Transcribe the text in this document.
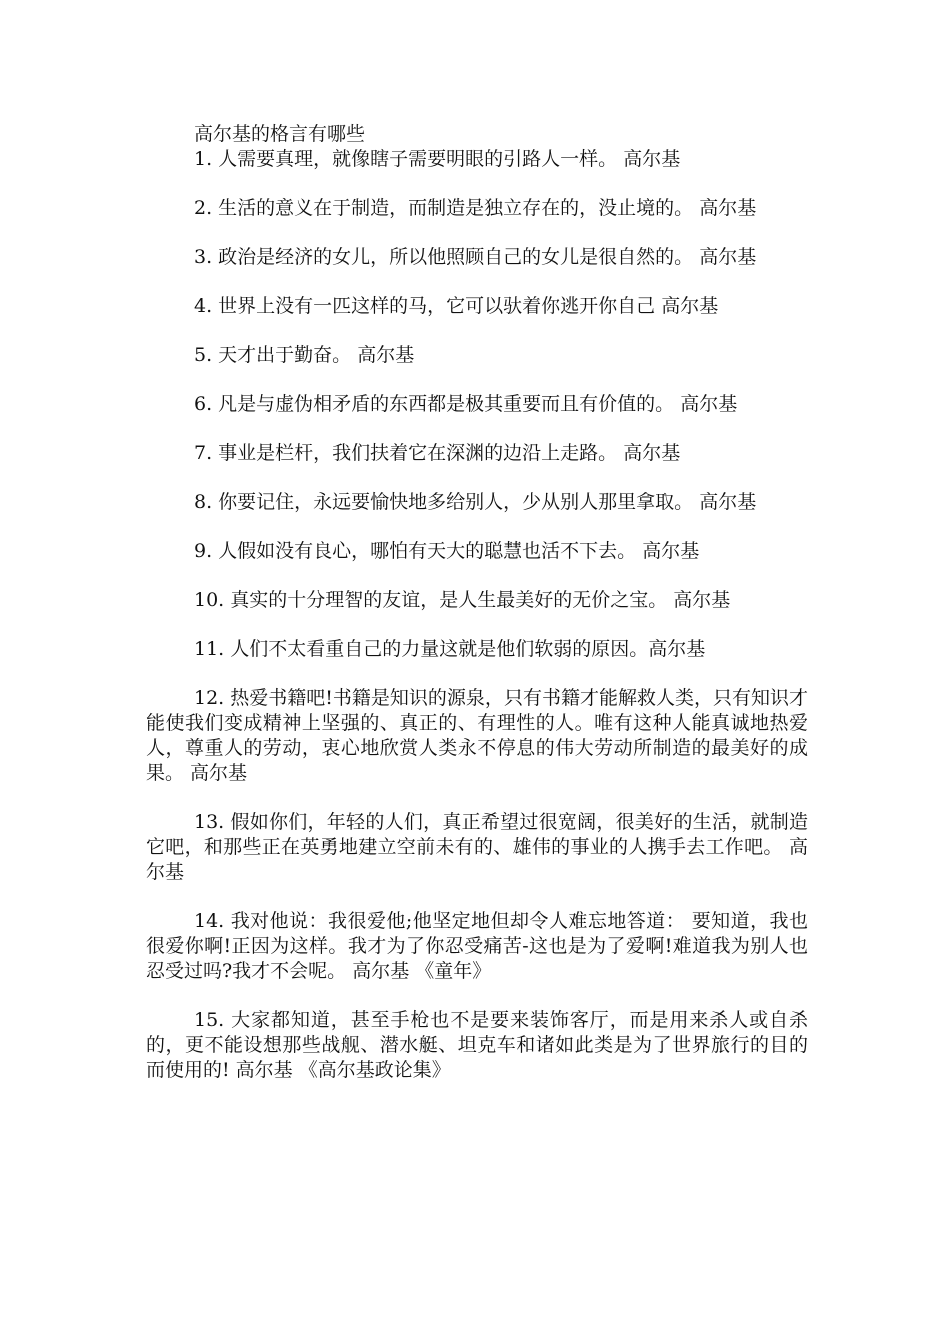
高尔基的格言有哪些

1. 人需要真理，就像瞎子需要明眼的引路人一样。 高尔基

2. 生活的意义在于制造，而制造是独立存在的，没止境的。 高尔基

3. 政治是经济的女儿，所以他照顾自己的女儿是很自然的。 高尔基

4. 世界上没有一匹这样的马，它可以驮着你逃开你自己 高尔基

5. 天才出于勤奋。 高尔基

6. 凡是与虚伪相矛盾的东西都是极其重要而且有价值的。 高尔基

7. 事业是栏杆，我们扶着它在深渊的边沿上走路。 高尔基

8. 你要记住，永远要愉快地多给别人，少从别人那里拿取。 高尔基

9. 人假如没有良心，哪怕有天大的聪慧也活不下去。 高尔基

10. 真实的十分理智的友谊，是人生最美好的无价之宝。 高尔基

11. 人们不太看重自己的力量这就是他们软弱的原因。高尔基

12. 热爱书籍吧!书籍是知识的源泉，只有书籍才能解救人类，只有知识才能使我们变成精神上坚强的、真正的、有理性的人。唯有这种人能真诚地热爱人，尊重人的劳动，衷心地欣赏人类永不停息的伟大劳动所制造的最美好的成果。 高尔基

13. 假如你们，年轻的人们，真正希望过很宽阔，很美好的生活，就制造它吧，和那些正在英勇地建立空前未有的、雄伟的事业的人携手去工作吧。 高尔基

14. 我对他说：我很爱他;他坚定地但却令人难忘地答道： 要知道，我也很爱你啊!正因为这样。我才为了你忍受痛苦-这也是为了爱啊!难道我为别人也忍受过吗?我才不会呢。 高尔基 《童年》

15. 大家都知道，甚至手枪也不是要来装饰客厅，而是用来杀人或自杀的，更不能设想那些战舰、潜水艇、坦克车和诸如此类是为了世界旅行的目的而使用的! 高尔基 《高尔基政论集》
